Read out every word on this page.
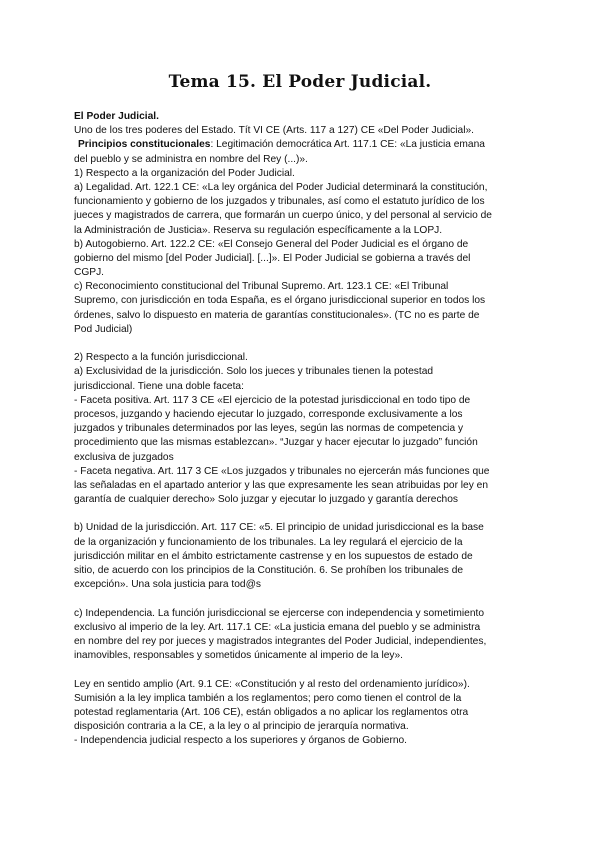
Tema 15. El Poder Judicial.
El Poder Judicial.
Uno de los tres poderes del Estado. Tít VI CE (Arts. 117 a 127) CE «Del Poder Judicial».
Principios constitucionales: Legitimación democrática Art. 117.1 CE: «La justicia emana
del pueblo y se administra en nombre del Rey (...)».
1) Respecto a la organización del Poder Judicial.
a) Legalidad. Art. 122.1 CE: «La ley orgánica del Poder Judicial determinará la constitución,
funcionamiento y gobierno de los juzgados y tribunales, así como el estatuto jurídico de los
jueces y magistrados de carrera, que formarán un cuerpo único, y del personal al servicio de
la Administración de Justicia». Reserva su regulación específicamente a la LOPJ.
b) Autogobierno. Art. 122.2 CE: «El Consejo General del Poder Judicial es el órgano de
gobierno del mismo [del Poder Judicial]. [...]». El Poder Judicial se gobierna a través del
CGPJ.
c) Reconocimiento constitucional del Tribunal Supremo. Art. 123.1 CE: «El Tribunal
Supremo, con jurisdicción en toda España, es el órgano jurisdiccional superior en todos los
órdenes, salvo lo dispuesto en materia de garantías constitucionales». (TC no es parte de
Pod Judicial)
2) Respecto a la función jurisdiccional.
a) Exclusividad de la jurisdicción. Solo los jueces y tribunales tienen la potestad
jurisdiccional. Tiene una doble faceta:
- Faceta positiva. Art. 117 3 CE «El ejercicio de la potestad jurisdiccional en todo tipo de
procesos, juzgando y haciendo ejecutar lo juzgado, corresponde exclusivamente a los
juzgados y tribunales determinados por las leyes, según las normas de competencia y
procedimiento que las mismas establezcan». “Juzgar y hacer ejecutar lo juzgado” función
exclusiva de juzgados
- Faceta negativa. Art. 117 3 CE «Los juzgados y tribunales no ejercerán más funciones que
las señaladas en el apartado anterior y las que expresamente les sean atribuidas por ley en
garantía de cualquier derecho» Solo juzgar y ejecutar lo juzgado y garantía derechos
b) Unidad de la jurisdicción. Art. 117 CE: «5. El principio de unidad jurisdiccional es la base
de la organización y funcionamiento de los tribunales. La ley regulará el ejercicio de la
jurisdicción militar en el ámbito estrictamente castrense y en los supuestos de estado de
sitio, de acuerdo con los principios de la Constitución. 6. Se prohíben los tribunales de
excepción». Una sola justicia para tod@s
c) Independencia. La función jurisdiccional se ejercerse con independencia y sometimiento
exclusivo al imperio de la ley. Art. 117.1 CE: «La justicia emana del pueblo y se administra
en nombre del rey por jueces y magistrados integrantes del Poder Judicial, independientes,
inamovibles, responsables y sometidos únicamente al imperio de la ley».
Ley en sentido amplio (Art. 9.1 CE: «Constitución y al resto del ordenamiento jurídico»).
Sumisión a la ley implica también a los reglamentos; pero como tienen el control de la
potestad reglamentaria (Art. 106 CE), están obligados a no aplicar los reglamentos otra
disposición contraria a la CE, a la ley o al principio de jerarquía normativa.
- Independencia judicial respecto a los superiores y órganos de Gobierno.
